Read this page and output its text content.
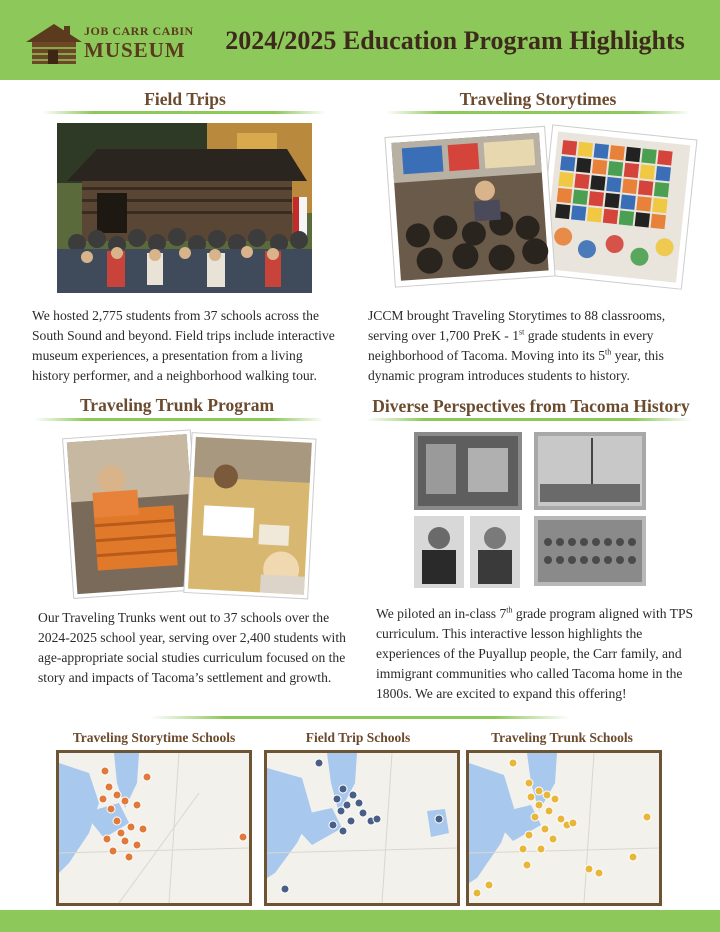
JOB CARR CABIN
MUSEUM	2024/2025 Education Program Highlights
Field Trips
We hosted 2,775 students from 37 schools across the
South Sound and beyond. Field trips include interactive
museum experiences, a presentation from a living
history performer, and a neighborhood walking tour.
Traveling Storytimes
JCCM brought Traveling Storytimes to 88 classrooms,
serving over 1,700 PreK - 1st grade students in every
neighborhood of Tacoma. Moving into its 5th year, this
dynamic program introduces students to history.
Traveling Trunk Program
Our Traveling Trunks went out to 37 schools over the
2024-2025 school year, serving over 2,400 students with
age-appropriate social studies curriculum focused on the
story and impacts of Tacoma’s settlement and growth.
Diverse Perspectives from Tacoma History
We piloted an in-class 7th grade program aligned with TPS
curriculum. This interactive lesson highlights the
experiences of the Puyallup people, the Carr family, and
immigrant communities who called Tacoma home in the
1800s. We are excited to expand this offering!
Traveling Storytime Schools	Field Trip Schools	Traveling Trunk Schools
